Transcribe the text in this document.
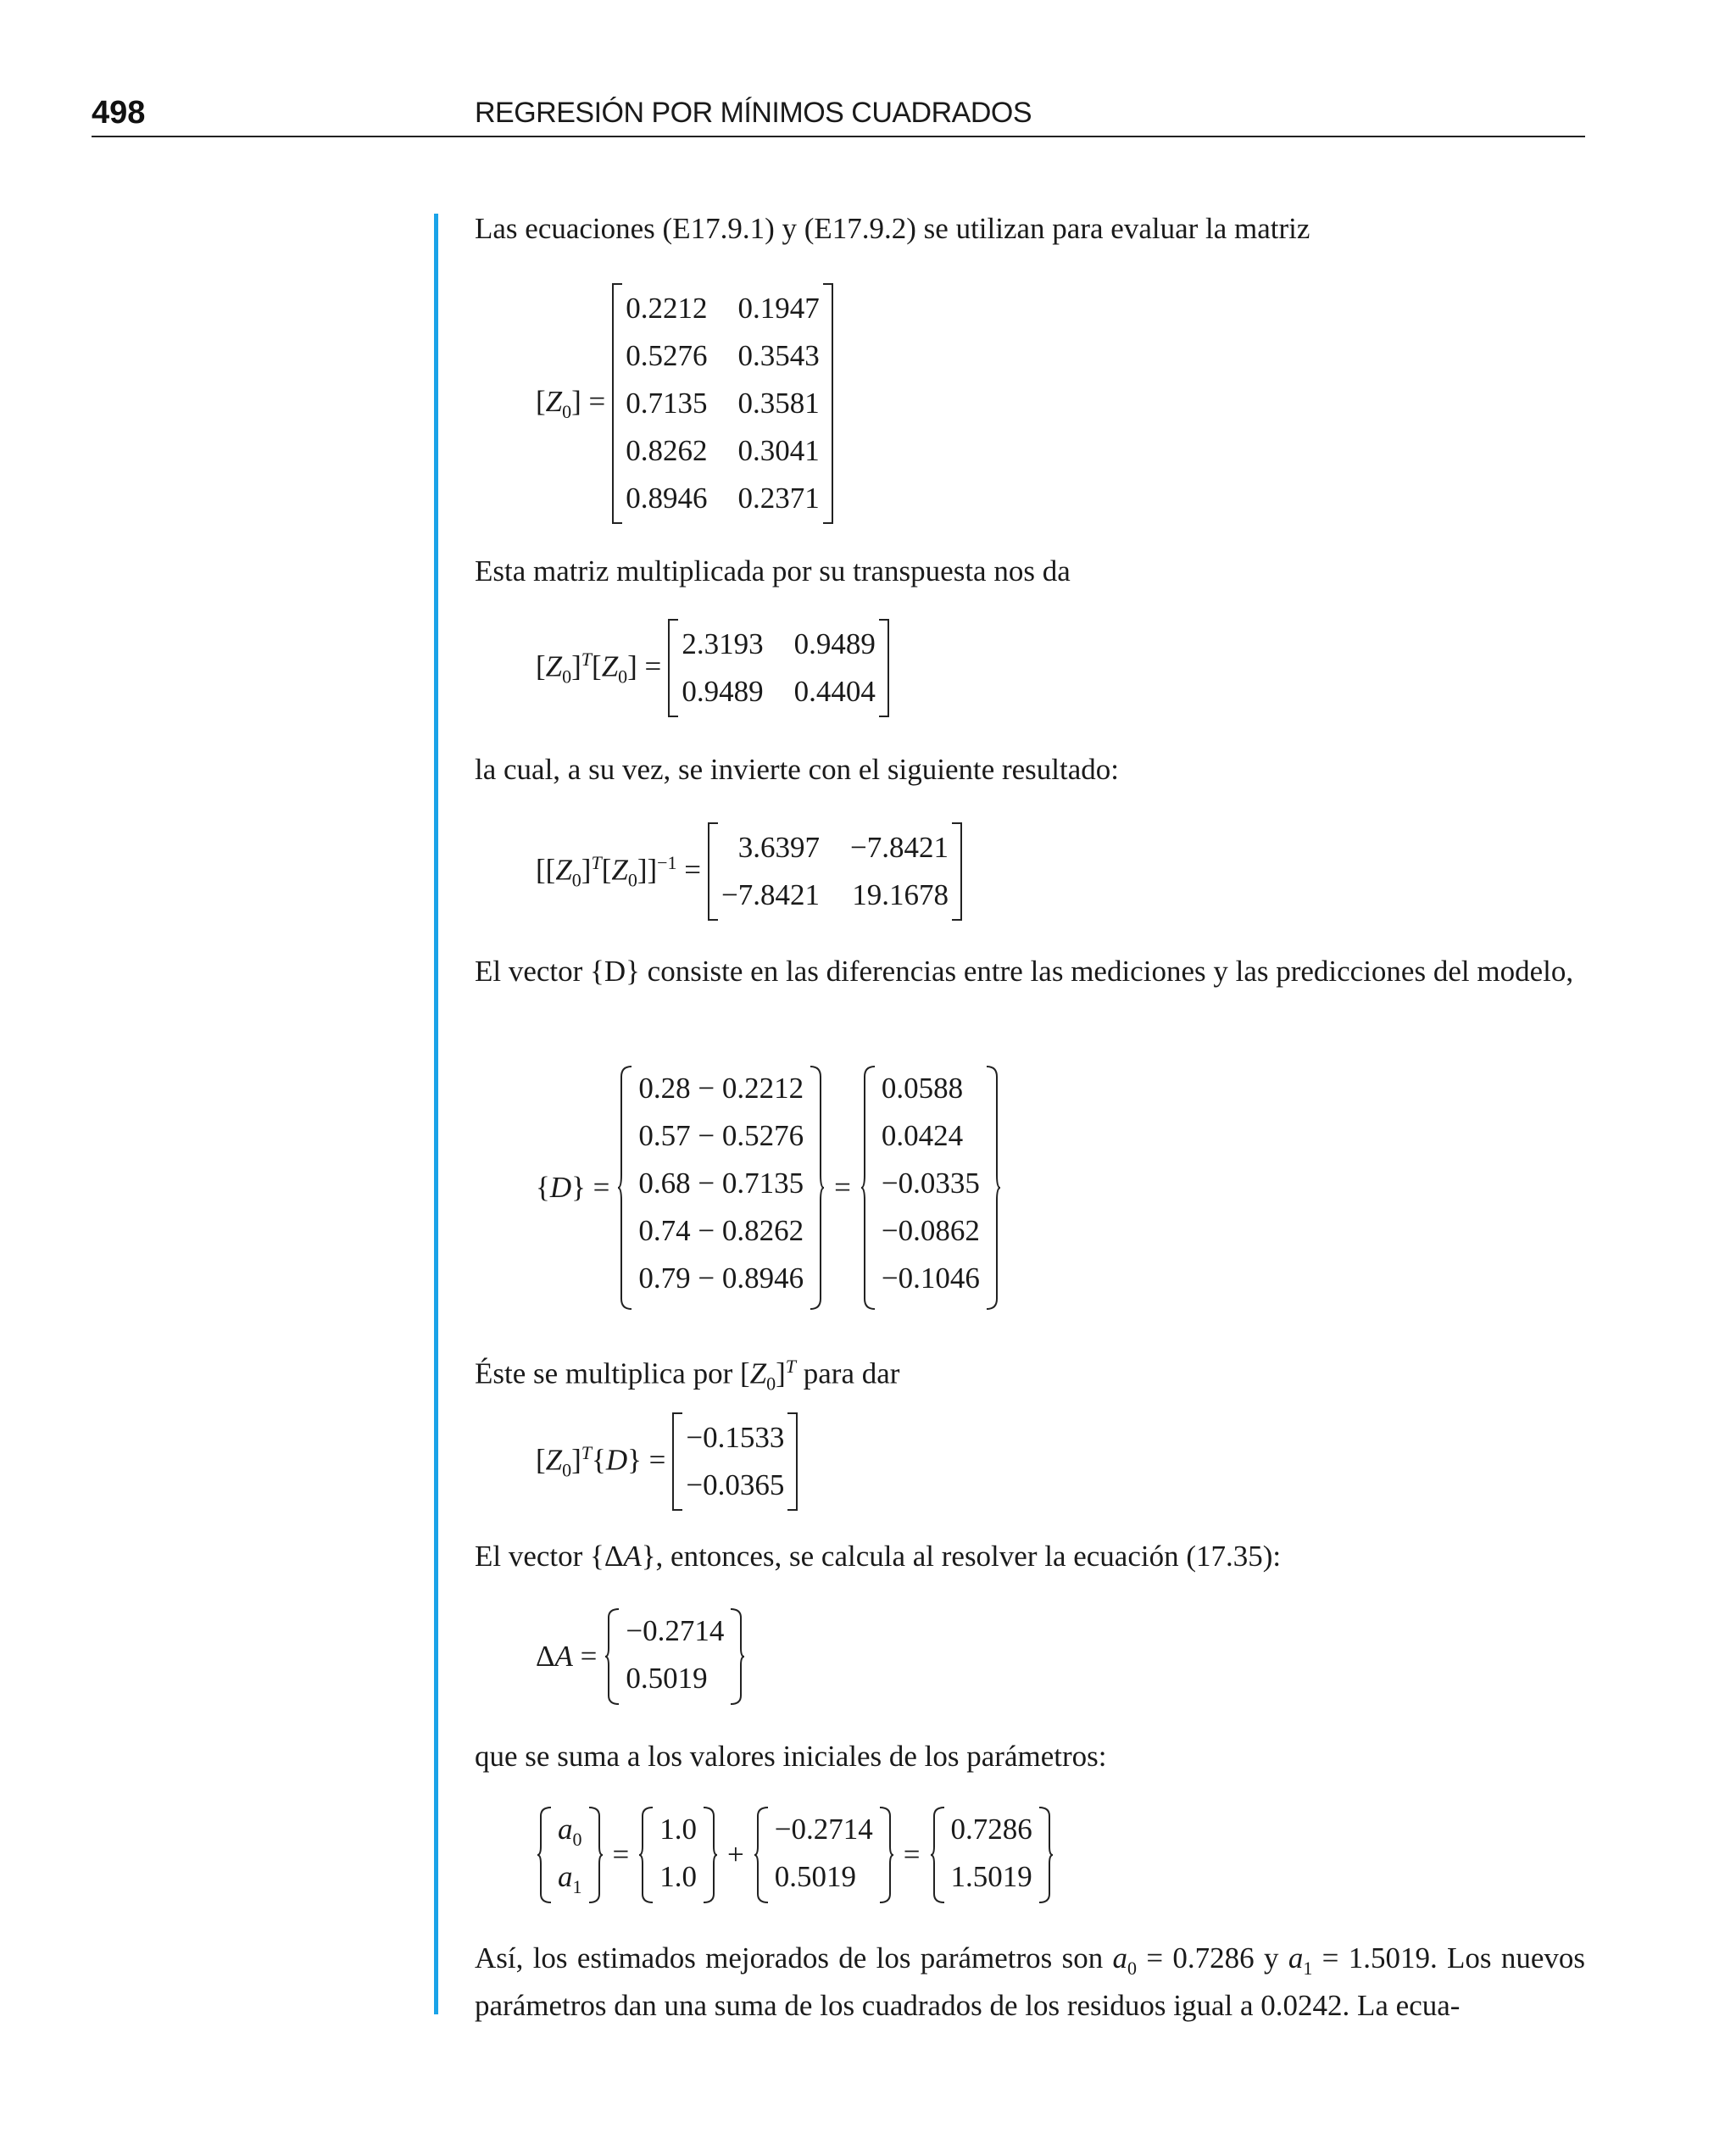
498	REGRESIÓN POR MÍNIMOS CUADRADOS

Las ecuaciones (E17.9.1) y (E17.9.2) se utilizan para evaluar la matriz

$[Z_0]$ =
0.2212 0.1947
0.5276 0.3543
0.7135 0.3581
0.8262 0.3041
0.8946 0.2371

Esta matriz multiplicada por su transpuesta nos da

$[Z_0]^T[Z_0]$ =
2.3193 0.9489
0.9489 0.4404

la cual, a su vez, se invierte con el siguiente resultado:

$[[Z_0]^T[Z_0]]^{-1}$ =
3.6397 −7.8421
−7.8421 19.1678

El vector {D} consiste en las diferencias entre las mediciones y las predicciones del modelo,

{D} =
0.28 − 0.2212
0.57 − 0.5276
0.68 − 0.7135
0.74 − 0.8262
0.79 − 0.8946
=
0.0588
0.0424
−0.0335
−0.0862
−0.1046

Éste se multiplica por $[Z_0]^T$ para dar

$[Z_0]^T\{D\}$ =
−0.1533
−0.0365

El vector {ΔA}, entonces, se calcula al resolver la ecuación (17.35):

ΔA =
−0.2714
0.5019

que se suma a los valores iniciales de los parámetros:

$a_0$
$a_1$
=
1.0
1.0
+
−0.2714
0.5019
=
0.7286
1.5019

Así, los estimados mejorados de los parámetros son $a_0 = 0.7286$ y $a_1 = 1.5019$. Los nuevos parámetros dan una suma de los cuadrados de los residuos igual a 0.0242. La ecua-
